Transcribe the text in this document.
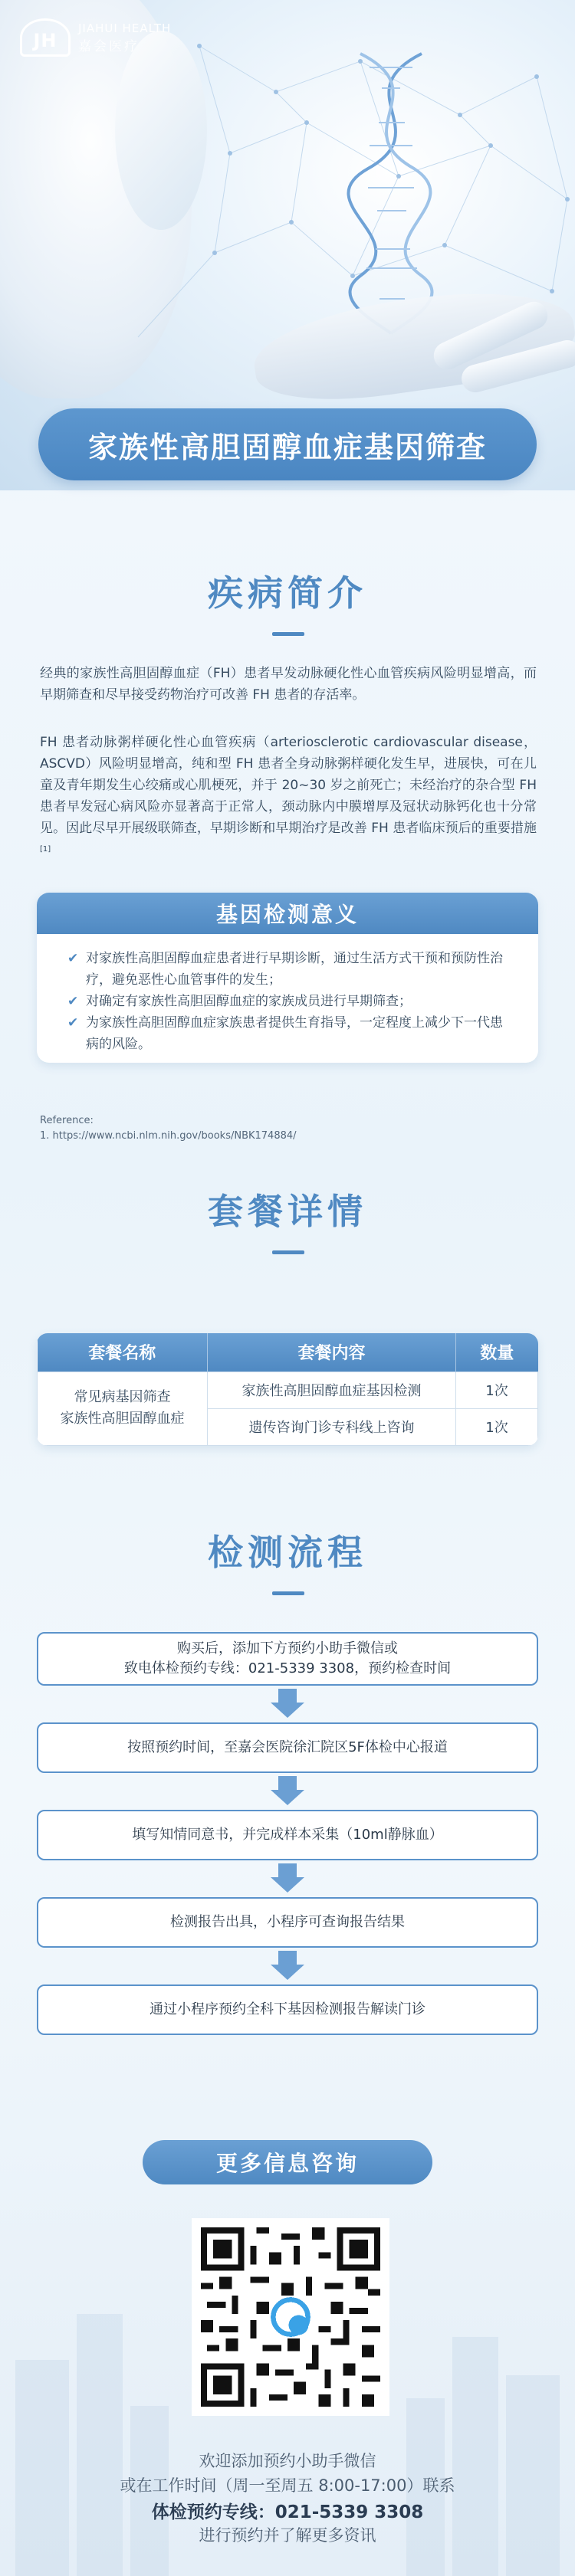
JH
JIAHUI HEALTH
嘉会医疗
家族性高胆固醇血症基因筛查
疾病简介
经典的家族性高胆固醇血症（FH）患者早发动脉硬化性心血管疾病风险明显增高，而早期筛查和尽早接受药物治疗可改善 FH 患者的存活率。
FH 患者动脉粥样硬化性心血管疾病（arteriosclerotic cardiovascular disease，ASCVD）风险明显增高，纯和型 FH 患者全身动脉粥样硬化发生早，进展快，可在儿童及青年期发生心绞痛或心肌梗死，并于 20~30 岁之前死亡；未经治疗的杂合型 FH 患者早发冠心病风险亦显著高于正常人，颈动脉内中膜增厚及冠状动脉钙化也十分常见。因此尽早开展级联筛查，早期诊断和早期治疗是改善 FH 患者临床预后的重要措施[1]
基因检测意义
✔ 对家族性高胆固醇血症患者进行早期诊断，通过生活方式干预和预防性治疗，避免恶性心血管事件的发生；
✔ 对确定有家族性高胆固醇血症的家族成员进行早期筛查；
✔ 为家族性高胆固醇血症家族患者提供生育指导，一定程度上减少下一代患病的风险。
Reference:
1. https://www.ncbi.nlm.nih.gov/books/NBK174884/
套餐详情
套餐名称	套餐内容	数量

常见病基因筛查
家族性高胆固醇血症	家族性高胆固醇血症基因检测	1次
	遗传咨询门诊专科线上咨询	1次
检测流程
购买后，添加下方预约小助手微信或
致电体检预约专线：021-5339 3308，预约检查时间
按照预约时间，至嘉会医院徐汇院区5F体检中心报道
填写知情同意书，并完成样本采集（10ml静脉血）
检测报告出具，小程序可查询报告结果
通过小程序预约全科下基因检测报告解读门诊
更多信息咨询
欢迎添加预约小助手微信
或在工作时间（周一至周五 8:00-17:00）联系
体检预约专线：021-5339 3308
进行预约并了解更多资讯
